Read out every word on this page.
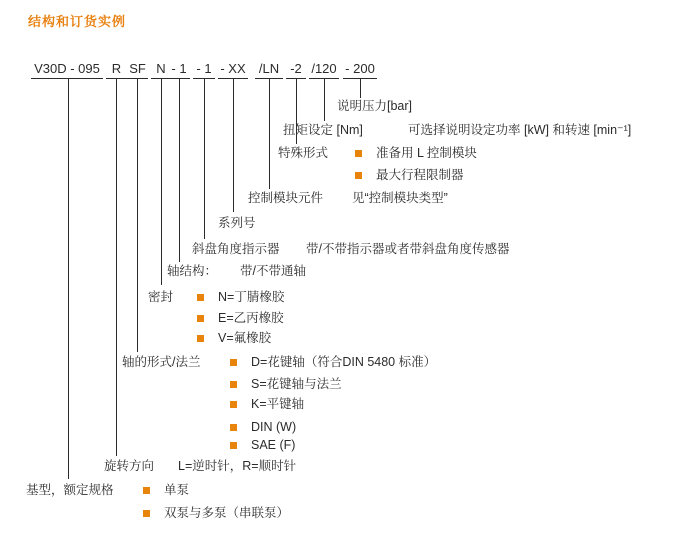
结构和订货实例
V30D - 095 R SF N - 1 - 1 - XX /LN -2 /120 - 200
说明压力[bar]
扭矩设定 [Nm]	可选择说明设定功率 [kW] 和转速 [min⁻¹]
特殊形式	准备用 L 控制模块
最大行程限制器
控制模块元件 见“控制模块类型”
系列号
斜盘角度指示器 带/不带指示器或者带斜盘角度传感器
轴结构： 带/不带通轴
密封	N=丁腈橡胶
E=乙丙橡胶
V=氟橡胶
轴的形式/法兰	D=花键轴（符合DIN 5480 标准）
S=花键轴与法兰
K=平键轴
DIN (W)
SAE (F)
旋转方向 L=逆时针，R=顺时针
基型，额定规格	单泵
双泵与多泵（串联泵）
